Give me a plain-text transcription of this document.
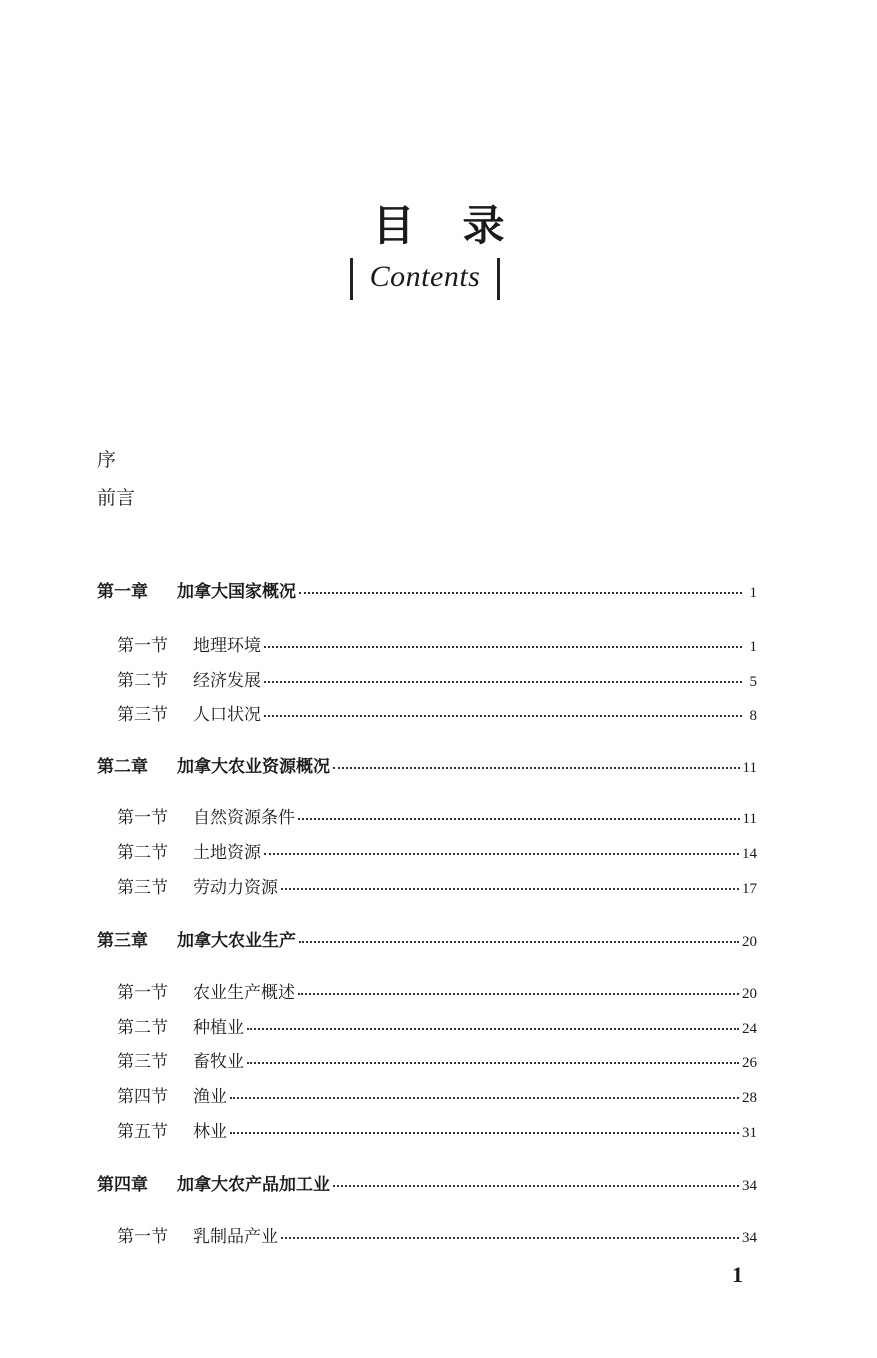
目录
Contents
序
前言
第一章	加拿大国家概况	1
第一节	地理环境	1
第二节	经济发展	5
第三节	人口状况	8
第二章	加拿大农业资源概况	11
第一节	自然资源条件	11
第二节	土地资源	14
第三节	劳动力资源	17
第三章	加拿大农业生产	20
第一节	农业生产概述	20
第二节	种植业	24
第三节	畜牧业	26
第四节	渔业	28
第五节	林业	31
第四章	加拿大农产品加工业	34
第一节	乳制品产业	34
1
